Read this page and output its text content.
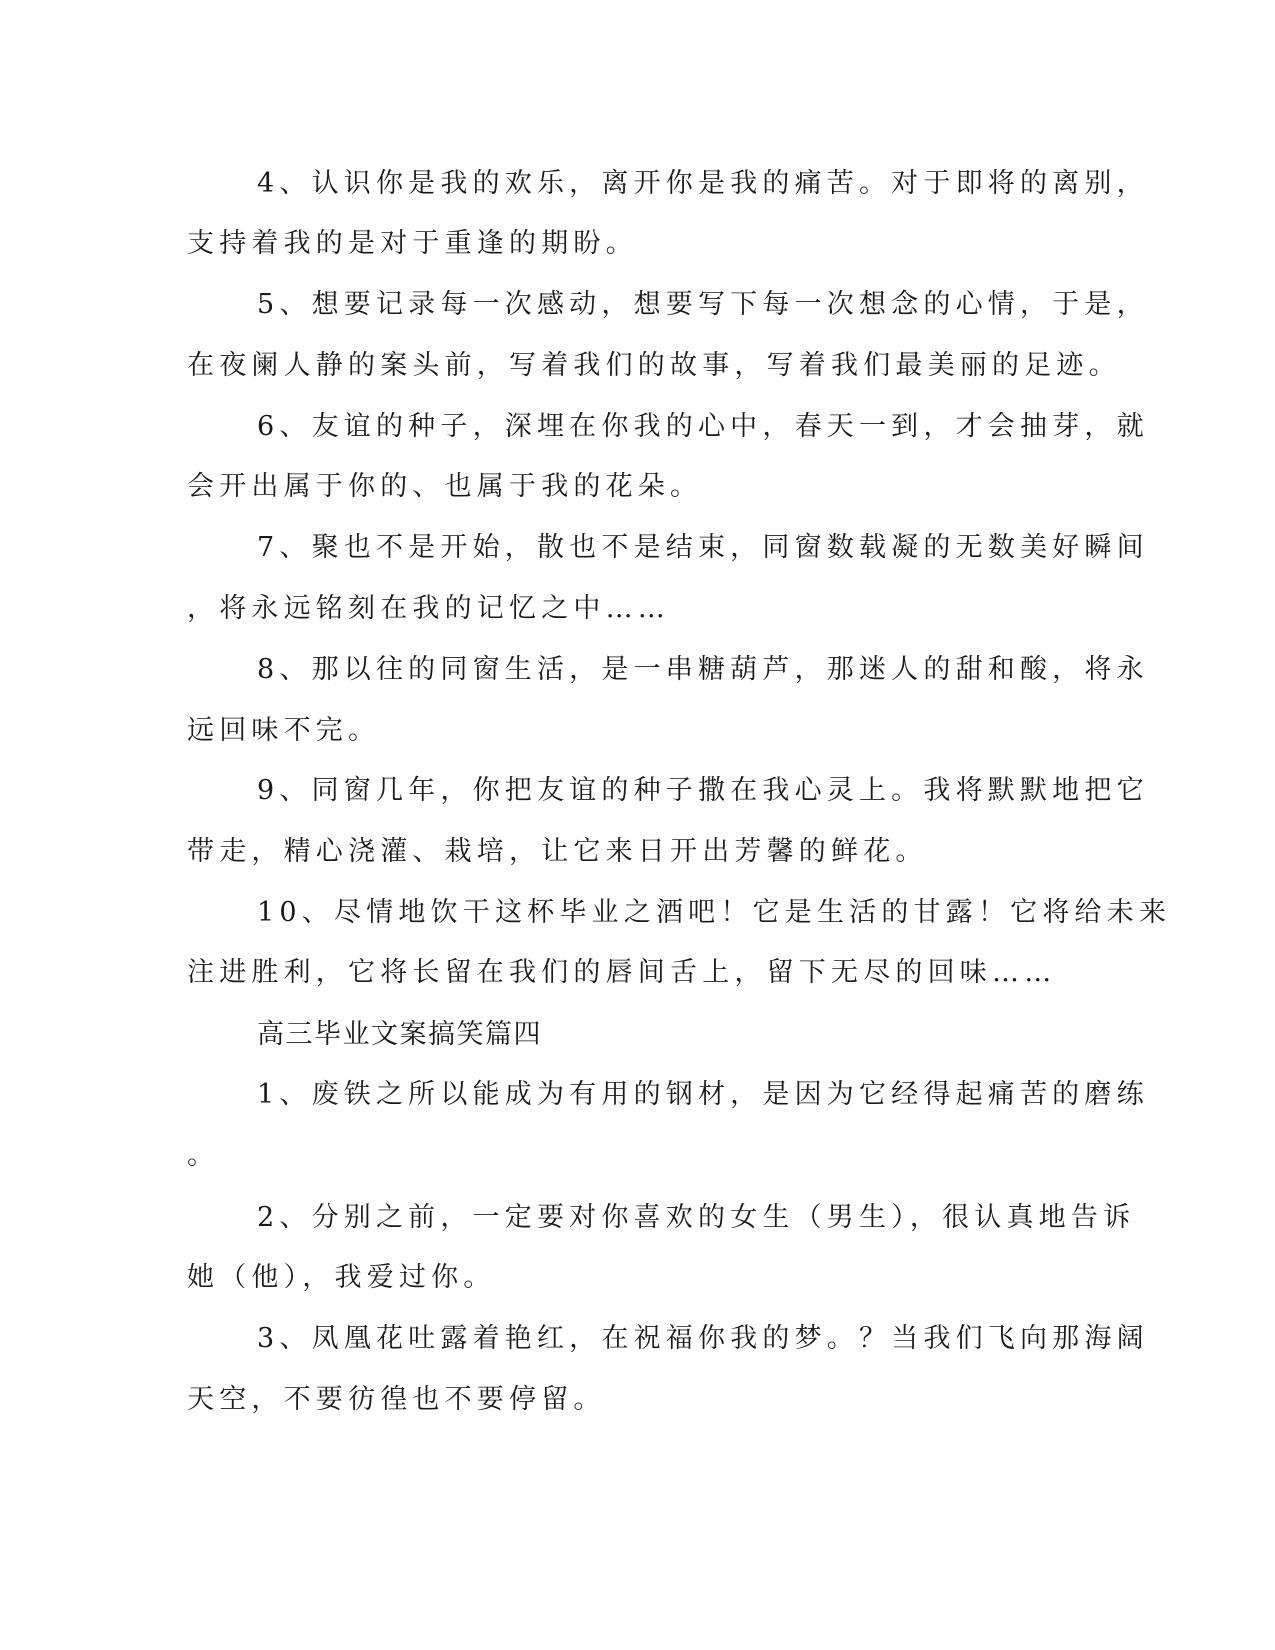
4、认识你是我的欢乐，离开你是我的痛苦。对于即将的离别，
支持着我的是对于重逢的期盼。
5、想要记录每一次感动，想要写下每一次想念的心情，于是，
在夜阑人静的案头前，写着我们的故事，写着我们最美丽的足迹。
6、友谊的种子，深埋在你我的心中，春天一到，才会抽芽，就
会开出属于你的、也属于我的花朵。
7、聚也不是开始，散也不是结束，同窗数载凝的无数美好瞬间
，将永远铭刻在我的记忆之中……
8、那以往的同窗生活，是一串糖葫芦，那迷人的甜和酸，将永
远回味不完。
9、同窗几年，你把友谊的种子撒在我心灵上。我将默默地把它
带走，精心浇灌、栽培，让它来日开出芳馨的鲜花。
10、尽情地饮干这杯毕业之酒吧！它是生活的甘露！它将给未来
注进胜利，它将长留在我们的唇间舌上，留下无尽的回味……
高三毕业文案搞笑篇四
1、废铁之所以能成为有用的钢材，是因为它经得起痛苦的磨练
。
2、分别之前，一定要对你喜欢的女生（男生），很认真地告诉
她（他），我爱过你。
3、凤凰花吐露着艳红，在祝福你我的梦。？当我们飞向那海阔
天空，不要彷徨也不要停留。
